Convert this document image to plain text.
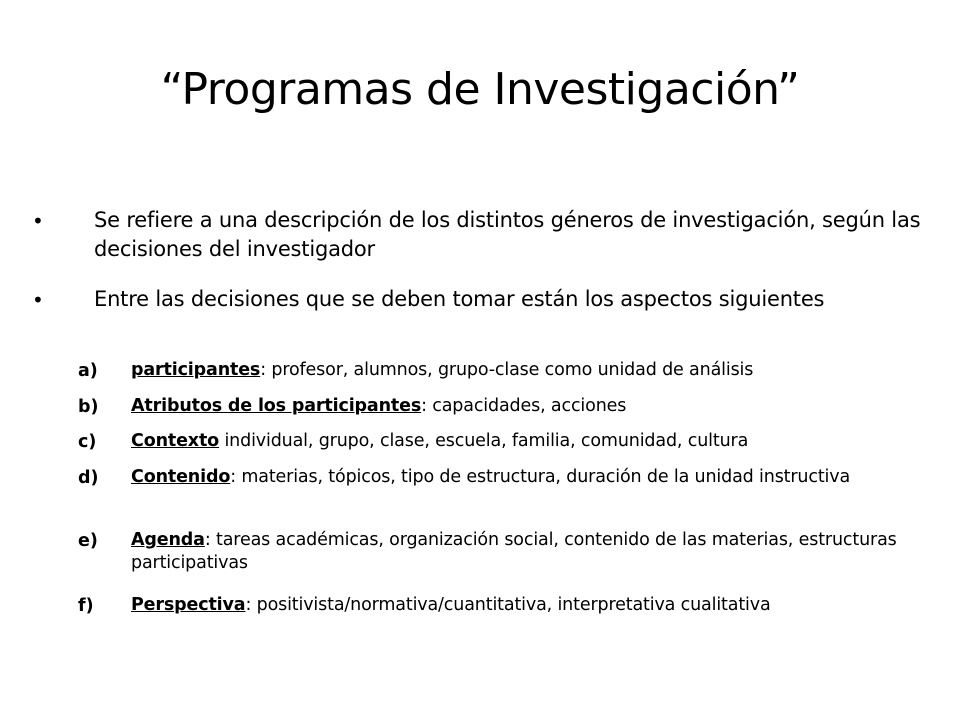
“Programas de Investigación”
• Se refiere a una descripción de los distintos géneros de investigación, según las decisiones del investigador
• Entre las decisiones que se deben tomar están los aspectos siguientes
a) participantes: profesor, alumnos, grupo-clase como unidad de análisis
b) Atributos de los participantes: capacidades, acciones
c) Contexto individual, grupo, clase, escuela, familia, comunidad, cultura
d) Contenido: materias, tópicos, tipo de estructura, duración de la unidad instructiva
e) Agenda: tareas académicas, organización social, contenido de las materias, estructuras participativas
f) Perspectiva: positivista/normativa/cuantitativa, interpretativa cualitativa
